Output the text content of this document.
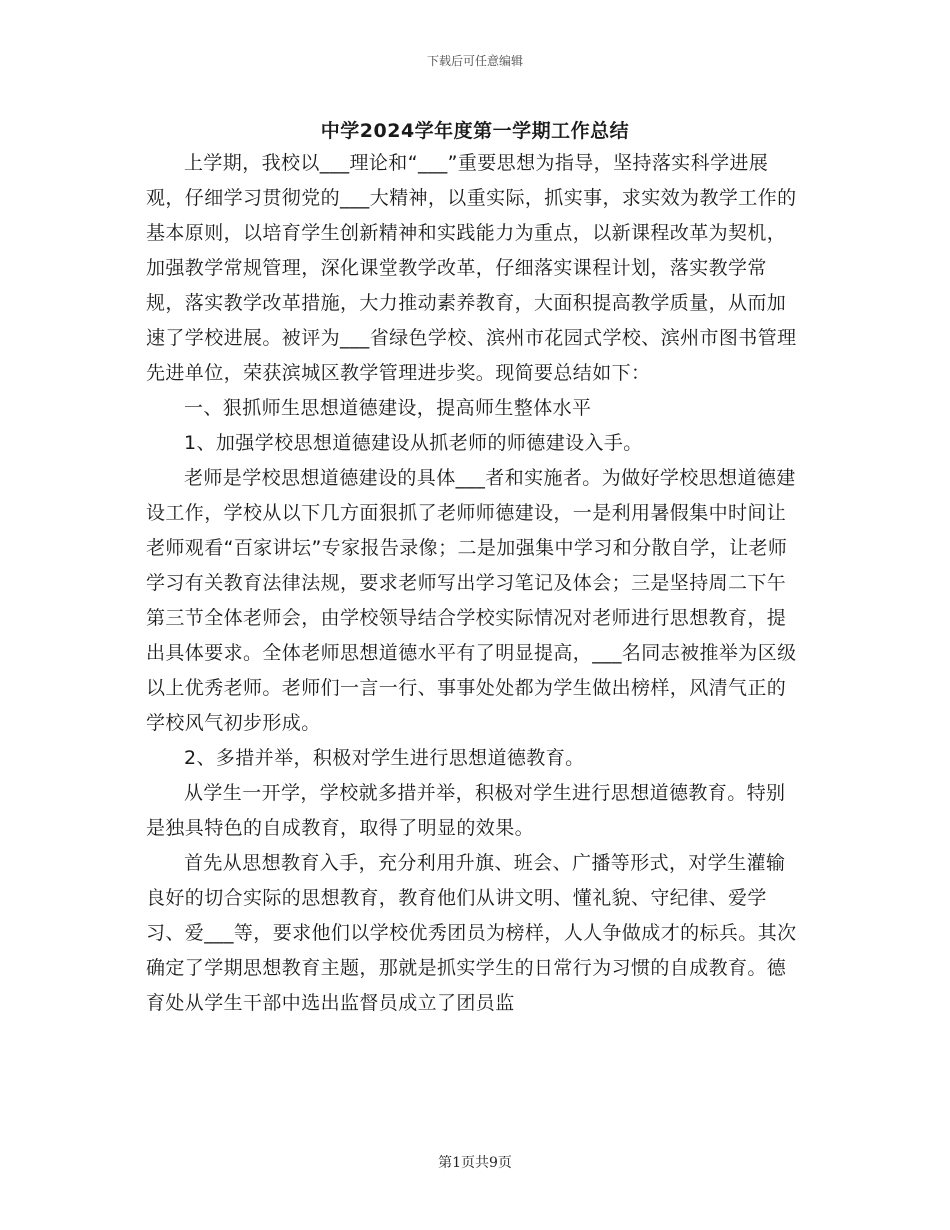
下载后可任意编辑
中学2024学年度第一学期工作总结

上学期，我校以___理论和“___”重要思想为指导，坚持落实科学进展观，仔细学习贯彻党的___大精神，以重实际，抓实事，求实效为教学工作的基本原则，以培育学生创新精神和实践能力为重点，以新课程改革为契机，加强教学常规管理，深化课堂教学改革，仔细落实课程计划，落实教学常规，落实教学改革措施，大力推动素养教育，大面积提高教学质量，从而加速了学校进展。被评为___省绿色学校、滨州市花园式学校、滨州市图书管理先进单位，荣获滨城区教学管理进步奖。现简要总结如下：

一、狠抓师生思想道德建设，提高师生整体水平

1、加强学校思想道德建设从抓老师的师德建设入手。

老师是学校思想道德建设的具体___者和实施者。为做好学校思想道德建设工作，学校从以下几方面狠抓了老师师德建设，一是利用暑假集中时间让老师观看“百家讲坛”专家报告录像；二是加强集中学习和分散自学，让老师学习有关教育法律法规，要求老师写出学习笔记及体会；三是坚持周二下午第三节全体老师会，由学校领导结合学校实际情况对老师进行思想教育，提出具体要求。全体老师思想道德水平有了明显提高，___名同志被推举为区级以上优秀老师。老师们一言一行、事事处处都为学生做出榜样，风清气正的学校风气初步形成。

2、多措并举，积极对学生进行思想道德教育。

从学生一开学，学校就多措并举，积极对学生进行思想道德教育。特别是独具特色的自成教育，取得了明显的效果。

首先从思想教育入手，充分利用升旗、班会、广播等形式，对学生灌输良好的切合实际的思想教育，教育他们从讲文明、懂礼貌、守纪律、爱学习、爱___等，要求他们以学校优秀团员为榜样，人人争做成才的标兵。其次确定了学期思想教育主题，那就是抓实学生的日常行为习惯的自成教育。德育处从学生干部中选出监督员成立了团员监

第1页共9页
